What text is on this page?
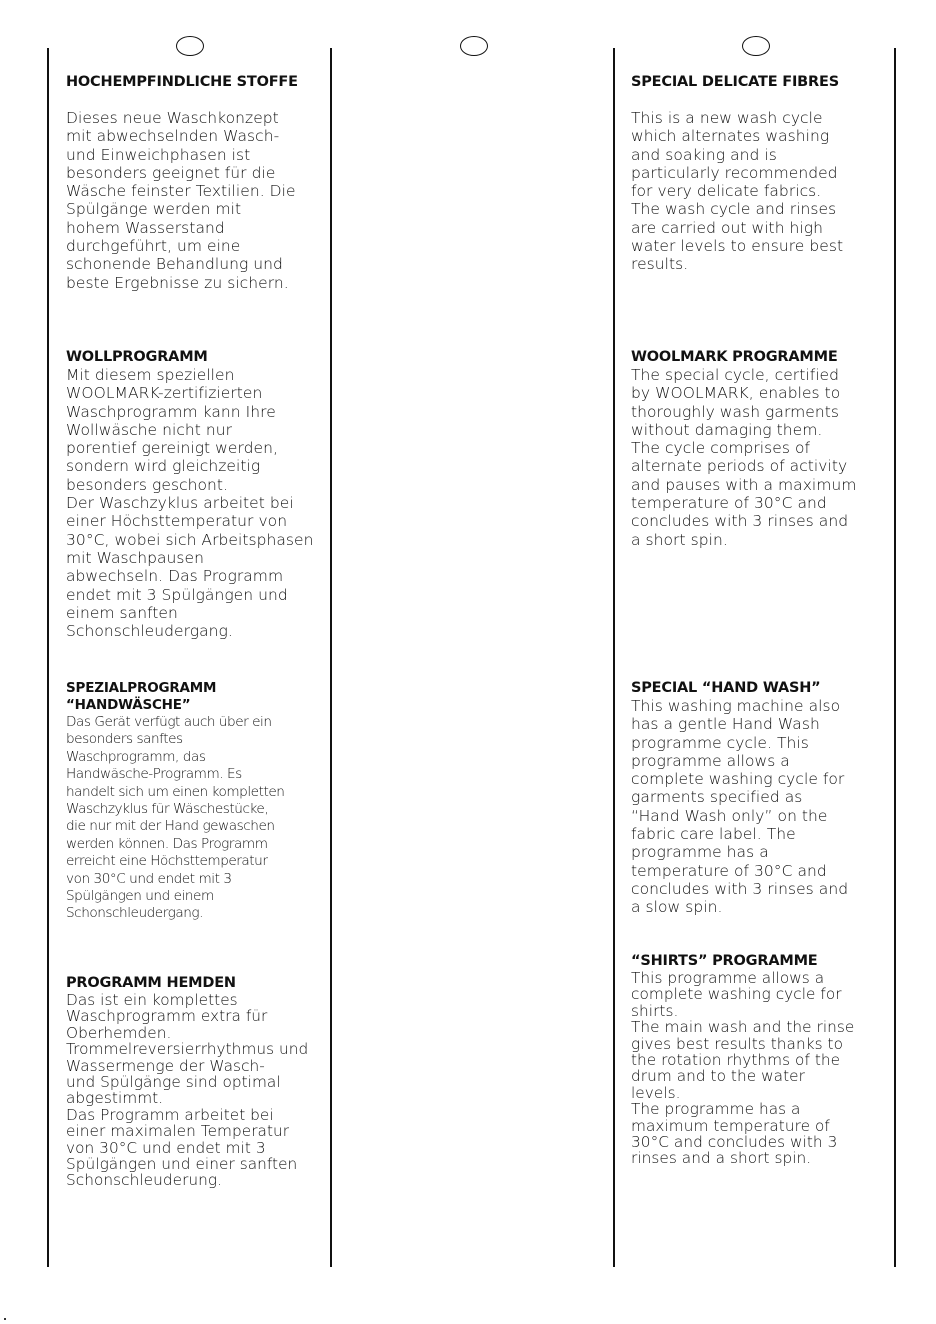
HOCHEMPFINDLICHE STOFFE

Dieses neue Waschkonzept
mit abwechselnden Wasch-
und Einweichphasen ist
besonders geeignet für die
Wäsche feinster Textilien. Die
Spülgänge werden mit
hohem Wasserstand
durchgeführt, um eine
schonende Behandlung und
beste Ergebnisse zu sichern.

WOLLPROGRAMM

Mit diesem speziellen
WOOLMARK-zertifizierten
Waschprogramm kann Ihre
Wollwäsche nicht nur
porentief gereinigt werden,
sondern wird gleichzeitig
besonders geschont.
Der Waschzyklus arbeitet bei
einer Höchsttemperatur von
30°C, wobei sich Arbeitsphasen
mit Waschpausen
abwechseln. Das Programm
endet mit 3 Spülgängen und
einem sanften
Schonschleudergang.

SPEZIALPROGRAMM
“HANDWÄSCHE”

Das Gerät verfügt auch über ein
besonders sanftes
Waschprogramm, das
Handwäsche-Programm. Es
handelt sich um einen kompletten
Waschzyklus für Wäschestücke,
die nur mit der Hand gewaschen
werden können. Das Programm
erreicht eine Höchsttemperatur
von 30°C und endet mit 3
Spülgängen und einem
Schonschleudergang.

PROGRAMM HEMDEN

Das ist ein komplettes
Waschprogramm extra für
Oberhemden.
Trommelreversierrhythmus und
Wassermenge der Wasch-
und Spülgänge sind optimal
abgestimmt.
Das Programm arbeitet bei
einer maximalen Temperatur
von 30°C und endet mit 3
Spülgängen und einer sanften
Schonschleuderung.

SPECIAL DELICATE FIBRES

This is a new wash cycle
which alternates washing
and soaking and is
particularly recommended
for very delicate fabrics.
The wash cycle and rinses
are carried out with high
water levels to ensure best
results.

WOOLMARK PROGRAMME

The special cycle, certified
by WOOLMARK, enables to
thoroughly wash garments
without damaging them.
The cycle comprises of
alternate periods of activity
and pauses with a maximum
temperature of 30°C and
concludes with 3 rinses and
a short spin.

SPECIAL “HAND WASH”

This washing machine also
has a gentle Hand Wash
programme cycle. This
programme allows a
complete washing cycle for
garments specified as
“Hand Wash only” on the
fabric care label. The
programme has a
temperature of 30°C and
concludes with 3 rinses and
a slow spin.

“SHIRTS” PROGRAMME

This programme allows a
complete washing cycle for
shirts.
The main wash and the rinse
gives best results thanks to
the rotation rhythms of the
drum and to the water
levels.
The programme has a
maximum temperature of
30°C and concludes with 3
rinses and a short spin.
